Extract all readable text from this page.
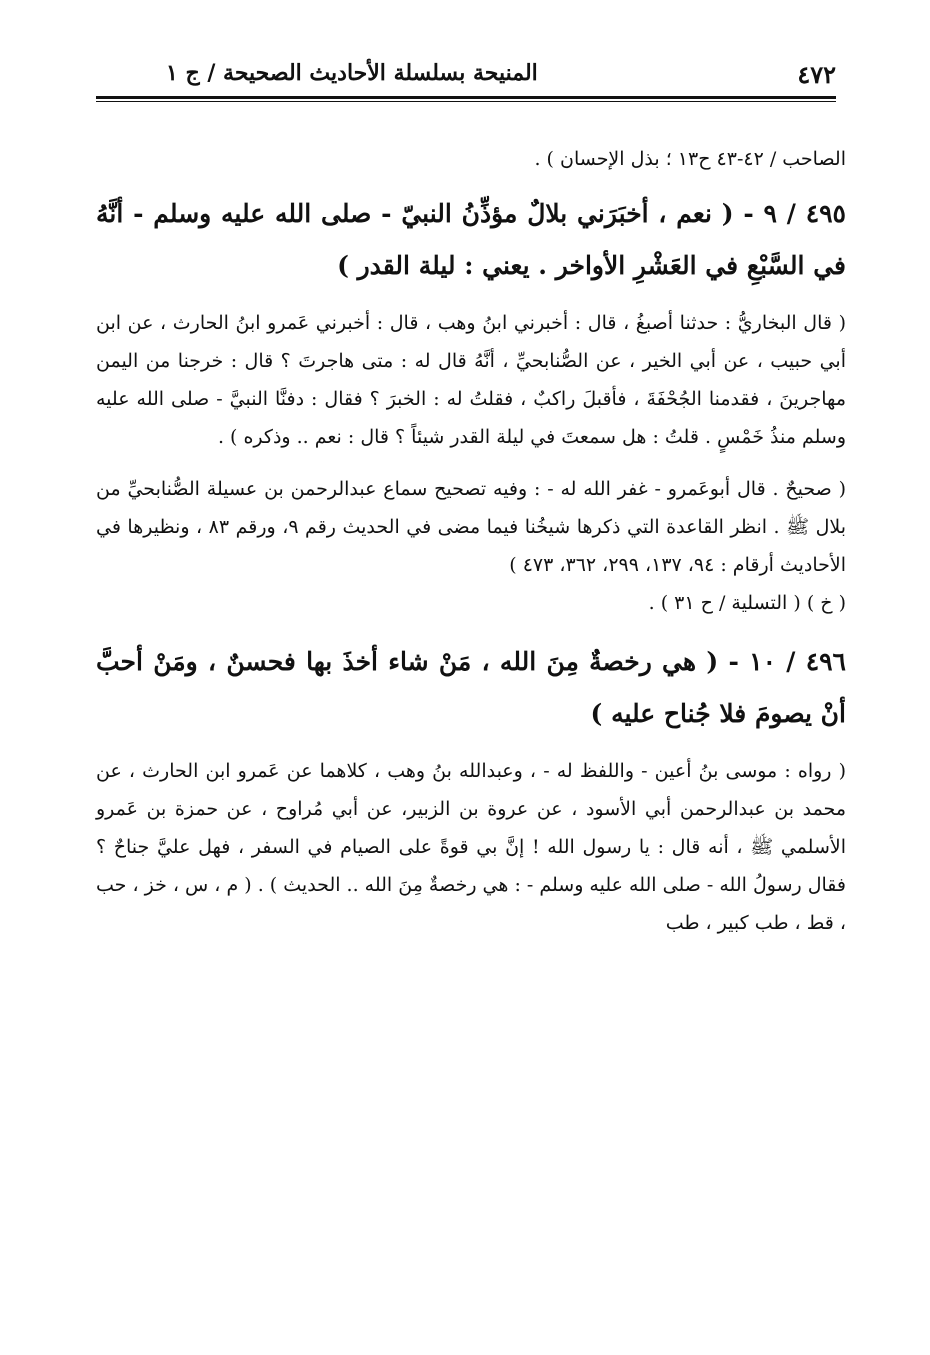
٤٧٢
المنيحة بسلسلة الأحاديث الصحيحة / ج ١

الصاحب / ٤٢-٤٣ ح١٣ ؛ بذل الإحسان ) .

٤٩٥ / ٩ - ( نعم ، أخبَرَني بلالٌ مؤذِّنُ النبيّ - صلى الله عليه وسلم - أنَّهُ في السَّبْعِ في العَشْرِ الأواخر . يعني : ليلة القدر )

( قال البخاريُّ : حدثنا أصبغُ ، قال : أخبرني ابنُ وهب ، قال : أخبرني عَمرو ابنُ الحارث ، عن ابن أبي حبيب ، عن أبي الخير ، عن الصُّنابحيِّ ، أنَّهُ قال له : متى هاجرتَ ؟ قال : خرجنا من اليمن مهاجرينَ ، فقدمنا الجُحْفَةَ ، فأقبلَ راكبٌ ، فقلتُ له : الخبرَ ؟ فقال : دفنَّا النبيَّ - صلى الله عليه وسلم منذُ خَمْسٍ . قلتُ : هل سمعتَ في ليلة القدر شيئاً ؟ قال : نعم .. وذكره ) .

( صحيحٌ . قال أبوعَمرو - غفر الله له - : وفيه تصحيح سماع عبدالرحمن بن عسيلة الصُّنابحيِّ من بلال ﷺ . انظر القاعدة التي ذكرها شيخُنا فيما مضى في الحديث رقم ٩، ورقم ٨٣ ، ونظيرها في الأحاديث أرقام : ٩٤، ١٣٧، ٢٩٩، ٣٦٢، ٤٧٣ )

( خ ) ( التسلية / ح ٣١ ) .

٤٩٦ / ١٠ - ( هي رخصةٌ مِنَ الله ، مَنْ شاء أخذَ بها فحسنٌ ، ومَنْ أحبَّ أنْ يصومَ فلا جُناح عليه )

( رواه : موسى بنُ أعين - واللفظ له - ، وعبدالله بنُ وهب ، كلاهما عن عَمرو ابن الحارث ، عن محمد بن عبدالرحمن أبي الأسود ، عن عروة بن الزبير، عن أبي مُراوح ، عن حمزة بن عَمرو الأسلمي ﷺ ، أنه قال : يا رسول الله ! إنَّ بي قوةً على الصيام في السفر ، فهل عليَّ جناحٌ ؟ فقال رسولُ الله - صلى الله عليه وسلم - : هي رخصةٌ مِنَ الله .. الحديث ) . ( م ، س ، خز ، حب ، قط ، طب كبير ، طب
